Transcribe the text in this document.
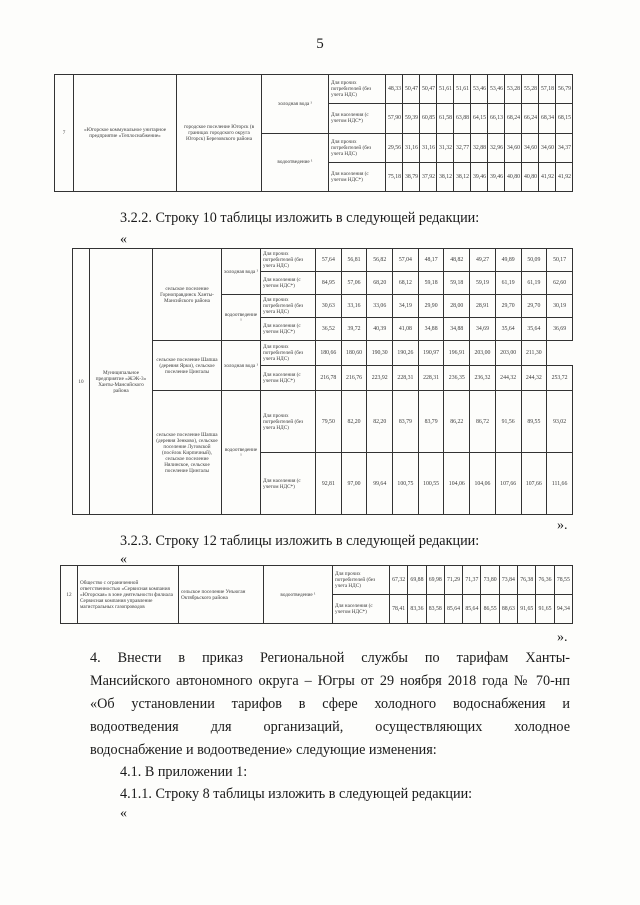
5
7	«Югорское коммунальное унитарное предприятие «Теплоснабжение»	городское поселение Югорск (в границах городского округа Югорск) Березовского района	холодная вода ¹	Для прочих потребителей (без учета НДС)	48,33	50,47	50,47	51,61	51,61	53,46	53,46	53,28	55,28	57,18	56,79
				Для населения (с учетом НДС*)	57,90	59,39	60,85	61,58	63,88	64,15	66,13	68,24	66,24	68,34	68,15
			водоотведение ¹	Для прочих потребителей (без учета НДС)	29,56	31,16	31,16	31,32	32,77	32,88	32,96	34,60	34,60	34,60	34,37
				Для населения (с учетом НДС*)	75,18	38,79	37,92	38,12	38,12	39,46	39,46	40,80	40,80	41,92	41,92
3.2.2. Строку 10 таблицы изложить в следующей редакции:
«
10	Муниципальное предприятие «ЖЭК-3» Ханты-Мансийского района	сельское поселение Горноправдинск Ханты-Мансийского района	холодная вода ¹	Для прочих потребителей (без учета НДС)	57,64	56,81	56,82	57,04	48,17	48,82	49,27	49,89	50,09	50,17
				Для населения (с учетом НДС*)	84,95	57,06	68,20	68,12	59,18	59,18	59,19	61,19	61,19	62,60
			водоотведение ¹	Для прочих потребителей (без учета НДС)	30,63	33,16	33,06	34,19	29,90	28,00	28,91	29,70	29,70	30,19
				Для населения (с учетом НДС*)	36,52	39,72	40,39	41,08	34,88	34,88	34,69	35,64	35,64	36,69
		сельское поселение Шапша (деревня Ярки), сельское поселение Цингалы	холодная вода ¹	Для прочих потребителей (без учета НДС)	180,66	180,60	190,30	190,26	190,97	196,91	203,00	203,00	211,30	
				Для населения (с учетом НДС*)	216,78	216,76	223,92	228,31	228,31	236,35	236,32	244,32	244,32	253,72
		сельское поселение Шапша (деревня Зенково), сельское поселение Луговской (посёлок Кирпичный), сельское поселение Нялинское, сельское поселение Цингалы	водоотведение ¹	Для прочих потребителей (без учета НДС)	79,50	82,20	82,20	83,79	83,79	86,22	86,72	91,56	89,55	93,02
				Для населения (с учетом НДС*)	92,81	97,00	99,64	100,75	100,55	104,06	104,06	107,66	107,66	111,66
».
3.2.3. Строку 12 таблицы изложить в следующей редакции:
«
12	Общество с ограниченной ответственностью «Сервисная компания «Югорская» в зоне деятельности филиала Сервисная компания управление магистральных газопроводов	сельское поселение Унъюган Октябрьского района	водоотведение ¹	Для прочих потребителей (без учета НДС)	67,32	69,88	69,98	71,29	71,37	73,80	73,84	76,38	76,36	78,55
				Для населения (с учетом НДС*)	78,41	83,36	83,58	85,64	85,64	86,55	88,63	91,65	91,65	94,34
».
4. Внести в приказ Региональной службы по тарифам Ханты-
Мансийского автономного округа – Югры от 29 ноября 2018 года № 70-нп
«Об установлении тарифов в сфере холодного водоснабжения и
водоотведения для организаций, осуществляющих холодное
водоснабжение и водоотведение» следующие изменения:
4.1. В приложении 1:
4.1.1. Строку 8 таблицы изложить в следующей редакции:
«
